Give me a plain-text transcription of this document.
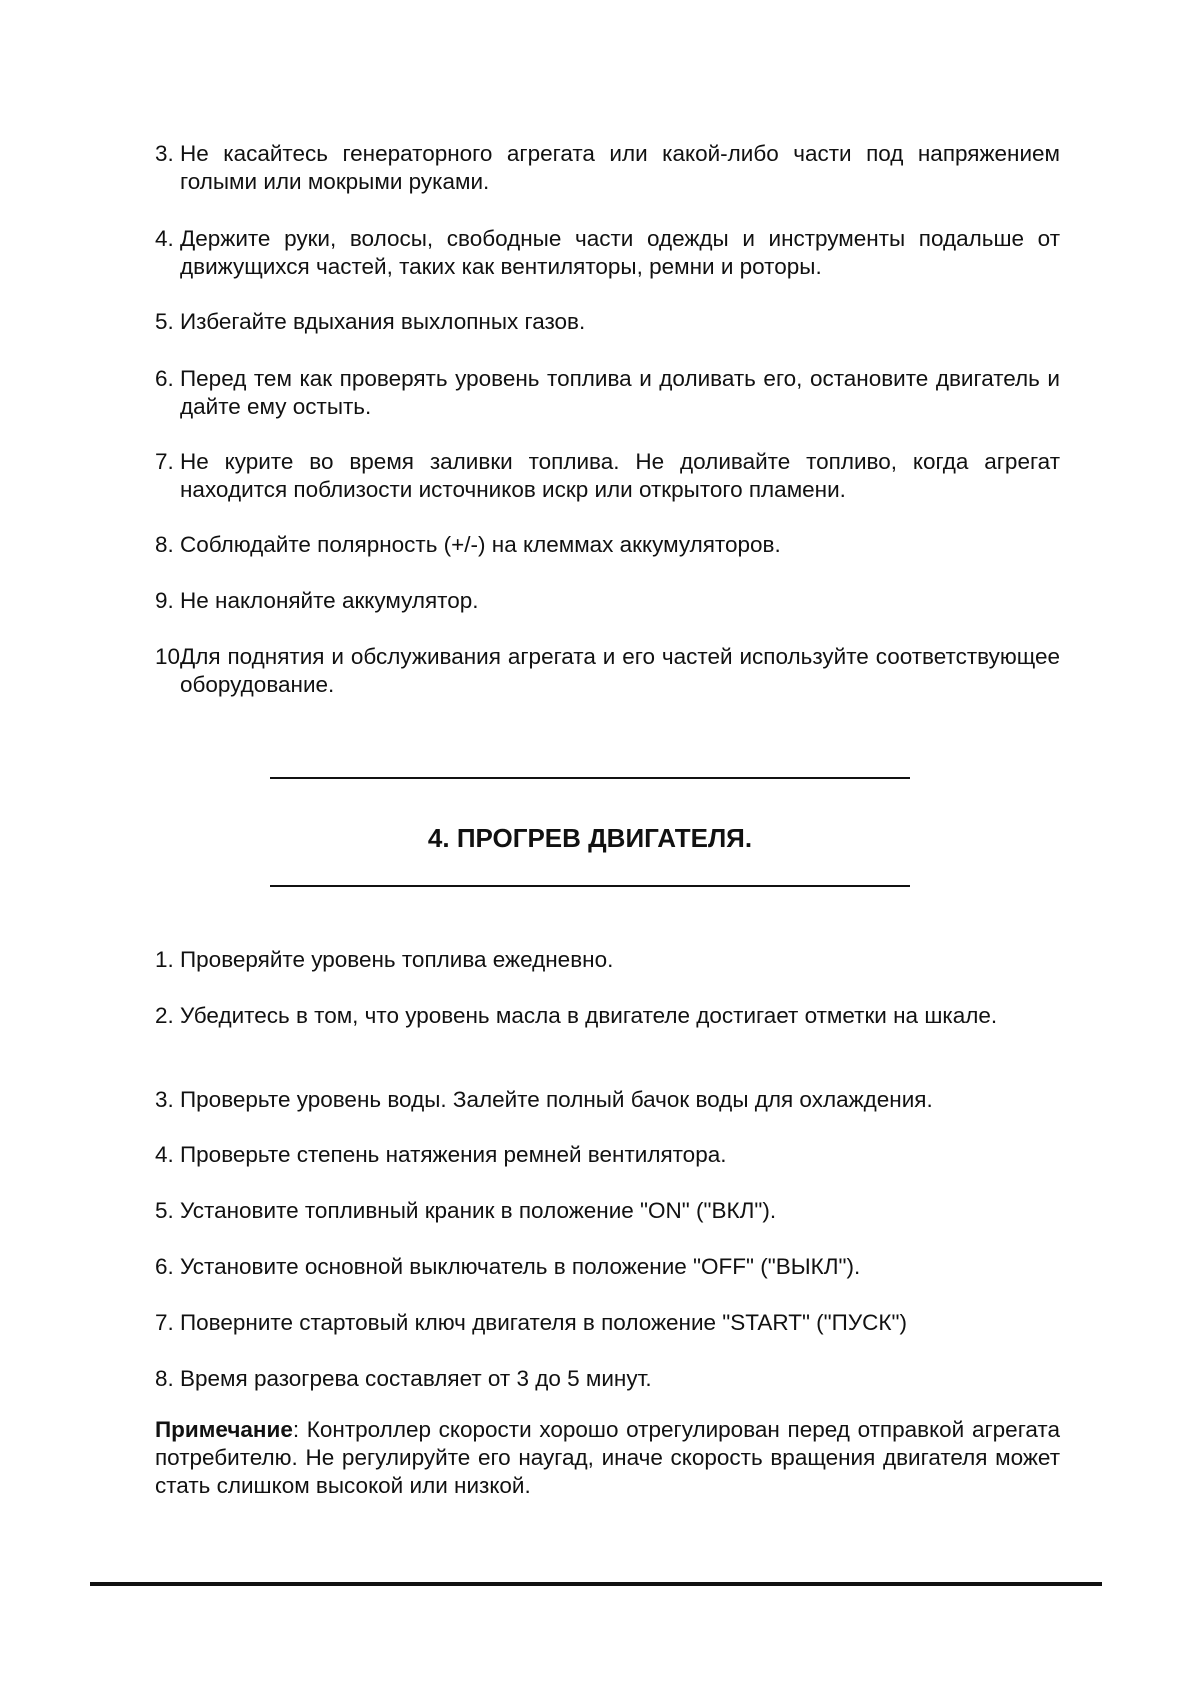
3. Не касайтесь генераторного агрегата или какой-либо части под напряжением голыми или мокрыми руками.
4. Держите руки, волосы, свободные части одежды и инструменты подальше от движущихся частей, таких как вентиляторы, ремни и роторы.
5. Избегайте вдыхания выхлопных газов.
6. Перед тем как проверять уровень топлива и доливать его, остановите двигатель и дайте ему остыть.
7. Не курите во время заливки топлива. Не доливайте топливо, когда агрегат находится поблизости источников искр или открытого пламени.
8. Соблюдайте полярность (+/-) на клеммах аккумуляторов.
9. Не наклоняйте аккумулятор.
10.
Для поднятия и обслуживания агрегата и его частей используйте соответствующее оборудование.
4. ПРОГРЕВ ДВИГАТЕЛЯ.
1. Проверяйте уровень топлива ежедневно.
2. Убедитесь в том, что уровень масла в двигателе достигает отметки на шкале.
3. Проверьте уровень воды. Залейте полный бачок воды для охлаждения.
4. Проверьте степень натяжения ремней вентилятора.
5. Установите топливный краник в положение "ON" ("ВКЛ").
6. Установите основной выключатель в положение "OFF" ("ВЫКЛ").
7. Поверните стартовый ключ двигателя в положение "START" ("ПУСК")
8. Время разогрева составляет от 3 до 5 минут.

Примечание: Контроллер скорости хорошо отрегулирован перед отправкой агрегата потребителю. Не регулируйте его наугад, иначе скорость вращения двигателя может стать слишком высокой или низкой.
